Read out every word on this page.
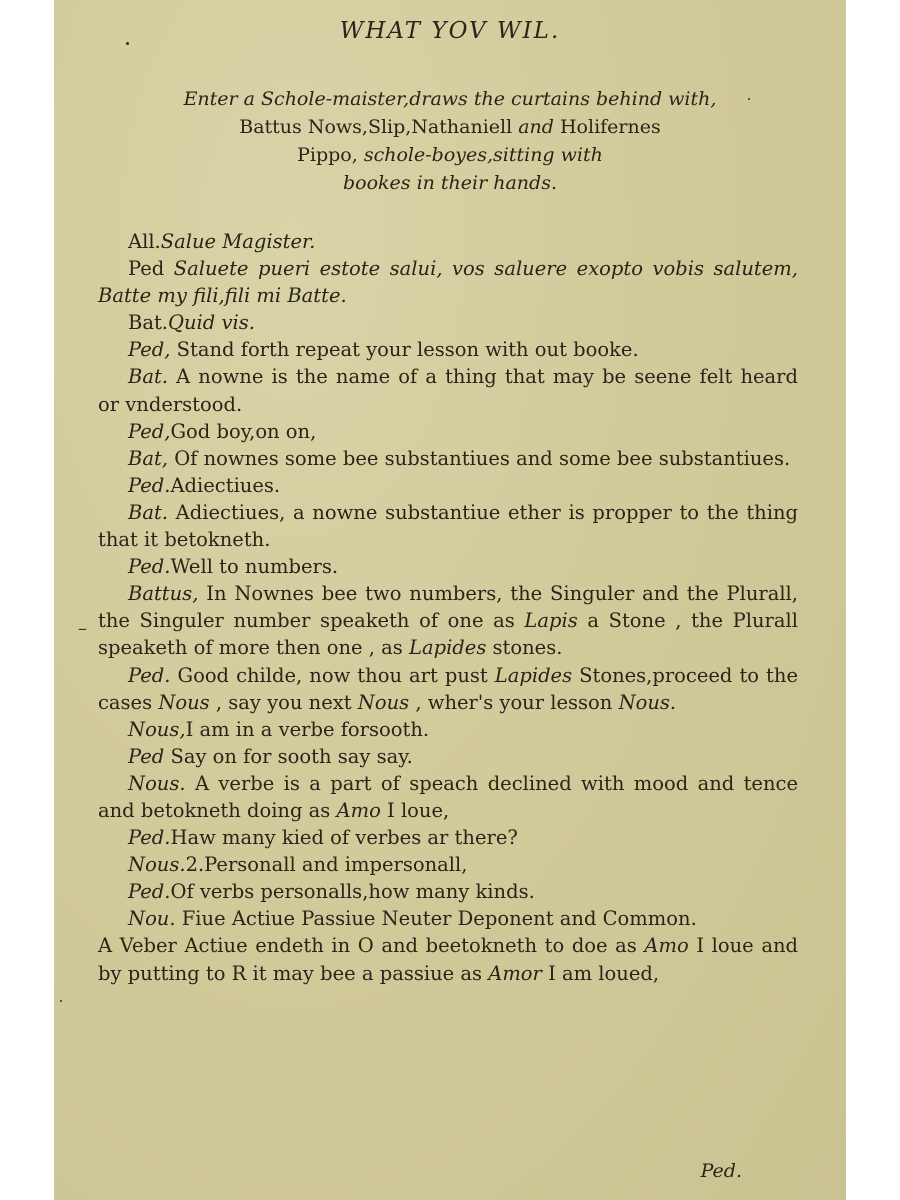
WHAT YOV WIL.
Enter a Schole-maister,draws the curtains behind with,
Battus Nows,Slip,Nathaniell and Holifernes
Pippo, schole-boyes,sitting with
bookes in their hands.

All.Salue Magister.

Ped Saluete pueri estote salui, vos saluere exopto vobis salutem, Batte my fili,fili mi Batte.

Bat.Quid vis.

Ped, Stand forth repeat your lesson with out booke.

Bat. A nowne is the name of a thing that may be seene felt heard or vnderstood.

Ped,God boy,on on,

Bat, Of nownes some bee substantiues and some bee substantiues.

Ped.Adiectiues.

Bat. Adiectiues, a nowne substantiue ether is propper to the thing that it betokneth.

Ped.Well to numbers.

Battus, In Nownes bee two numbers, the Singuler and the Plurall, the Singuler number speaketh of one as Lapis a Stone , the Plurall speaketh of more then one , as Lapides stones.

Ped. Good childe, now thou art pust Lapides Stones,proceed to the cases Nous , say you next Nous , wher's your lesson Nous.

Nous,I am in a verbe forsooth.

Ped Say on for sooth say say.

Nous. A verbe is a part of speach declined with mood and tence and betokneth doing as Amo I loue,

Ped.Haw many kied of verbes ar there?

Nous.2.Personall and impersonall,

Ped.Of verbs personalls,how many kinds.

Nou. Fiue Actiue Passiue Neuter Deponent and Common.

A Veber Actiue endeth in O and beetokneth to doe as Amo I loue and by putting to R it may bee a passiue as Amor I am loued,

–
Ped.
